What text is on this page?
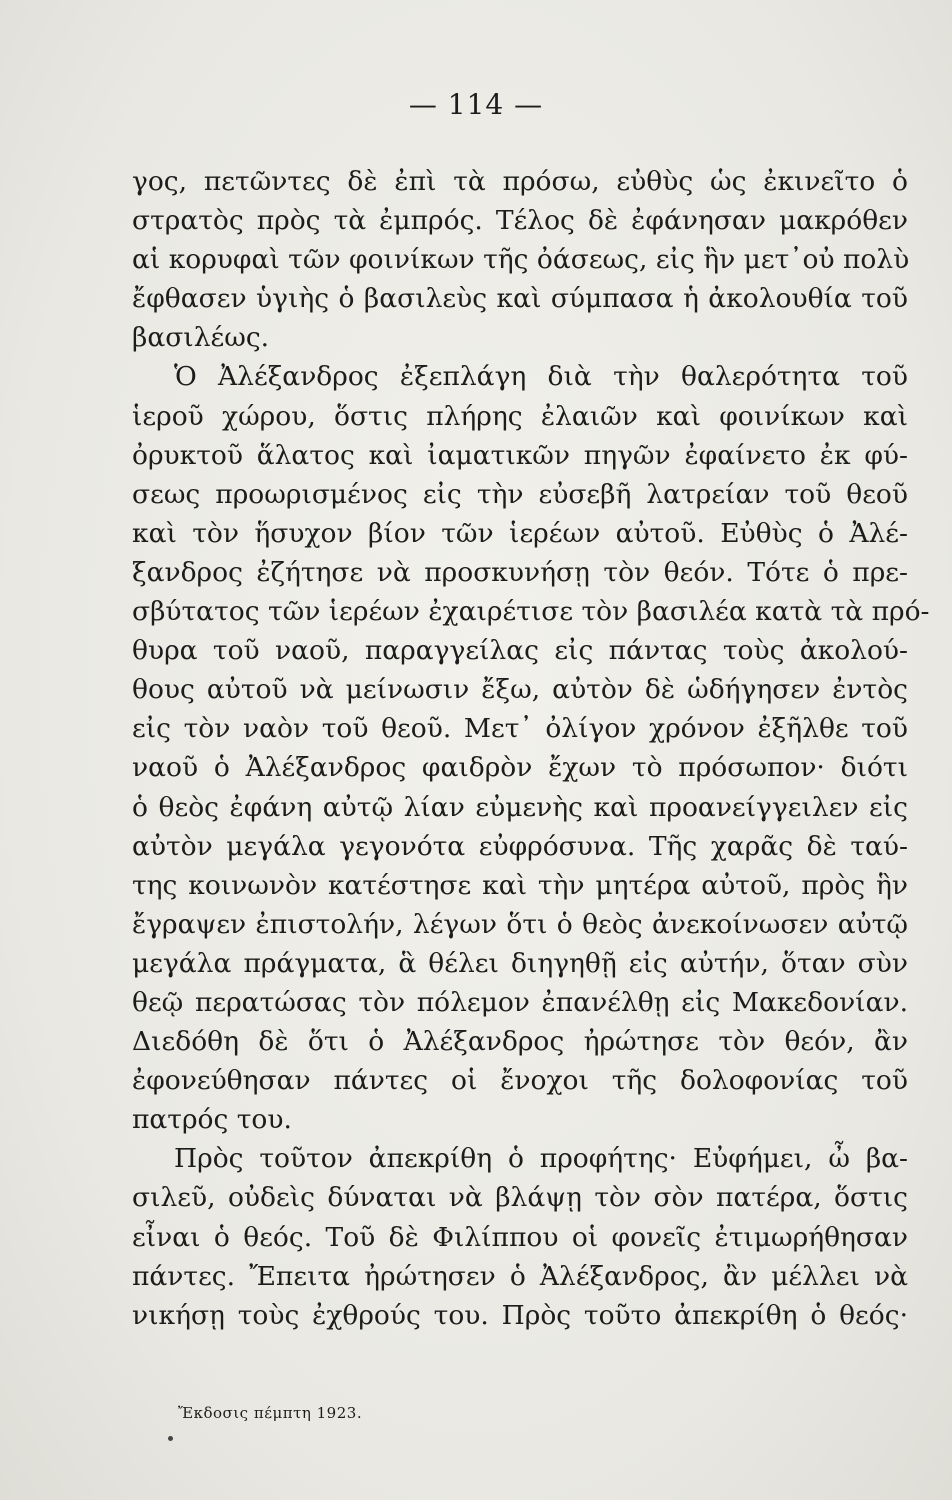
— 114 —
γος, πετῶντες δὲ ἐπὶ τὰ πρόσω, εὐθὺς ὡς ἐκινεῖτο ὁ
στρατὸς πρὸς τὰ ἐμπρός. Τέλος δὲ ἐφάνησαν μακρόθεν
αἱ κορυφαὶ τῶν φοινίκων τῆς ὀάσεως, εἰς ἣν μετ᾿οὐ πολὺ
ἔφθασεν ὑγιὴς ὁ βασιλεὺς καὶ σύμπασα ἡ ἀκολουθία τοῦ
βασιλέως.
Ὁ Ἀλέξανδρος ἐξεπλάγη διὰ τὴν θαλερότητα τοῦ
ἱεροῦ χώρου, ὅστις πλήρης ἐλαιῶν καὶ φοινίκων καὶ
ὀρυκτοῦ ἅλατος καὶ ἰαματικῶν πηγῶν ἐφαίνετο ἐκ φύ-
σεως προωρισμένος εἰς τὴν εὐσεβῆ λατρείαν τοῦ θεοῦ
καὶ τὸν ἥσυχον βίον τῶν ἱερέων αὐτοῦ. Εὐθὺς ὁ Ἀλέ-
ξανδρος ἐζήτησε νὰ προσκυνήσῃ τὸν θεόν. Τότε ὁ πρε-
σβύτατος τῶν ἱερέων ἐχαιρέτισε τὸν βασιλέα κατὰ τὰ πρό-
θυρα τοῦ ναοῦ, παραγγείλας εἰς πάντας τοὺς ἀκολού-
θους αὐτοῦ νὰ μείνωσιν ἔξω, αὐτὸν δὲ ὡδήγησεν ἐντὸς
εἰς τὸν ναὸν τοῦ θεοῦ. Μετ᾿ ὀλίγον χρόνον ἐξῆλθε τοῦ
ναοῦ ὁ Ἀλέξανδρος φαιδρὸν ἔχων τὸ πρόσωπον· διότι
ὁ θεὸς ἐφάνη αὐτῷ λίαν εὐμενὴς καὶ προανείγγειλεν εἰς
αὐτὸν μεγάλα γεγονότα εὐφρόσυνα. Τῆς χαρᾶς δὲ ταύ-
της κοινωνὸν κατέστησε καὶ τὴν μητέρα αὐτοῦ, πρὸς ἣν
ἔγραψεν ἐπιστολήν, λέγων ὅτι ὁ θεὸς ἀνεκοίνωσεν αὐτῷ
μεγάλα πράγματα, ἃ θέλει διηγηθῇ εἰς αὐτήν, ὅταν σὺν
θεῷ περατώσας τὸν πόλεμον ἐπανέλθῃ εἰς Μακεδονίαν.
Διεδόθη δὲ ὅτι ὁ Ἀλέξανδρος ἠρώτησε τὸν θεόν, ἂν
ἐφονεύθησαν πάντες οἱ ἔνοχοι τῆς δολοφονίας τοῦ
πατρός του.
Πρὸς τοῦτον ἀπεκρίθη ὁ προφήτης· Εὐφήμει, ὦ βα-
σιλεῦ, οὐδεὶς δύναται νὰ βλάψῃ τὸν σὸν πατέρα, ὅστις
εἶναι ὁ θεός. Τοῦ δὲ Φιλίππου οἱ φονεῖς ἐτιμωρήθησαν
πάντες. Ἔπειτα ἠρώτησεν ὁ Ἀλέξανδρος, ἂν μέλλει νὰ
νικήσῃ τοὺς ἐχθρούς του. Πρὸς τοῦτο ἀπεκρίθη ὁ θεός·
Ἔκδοσις πέμπτη 1923.
